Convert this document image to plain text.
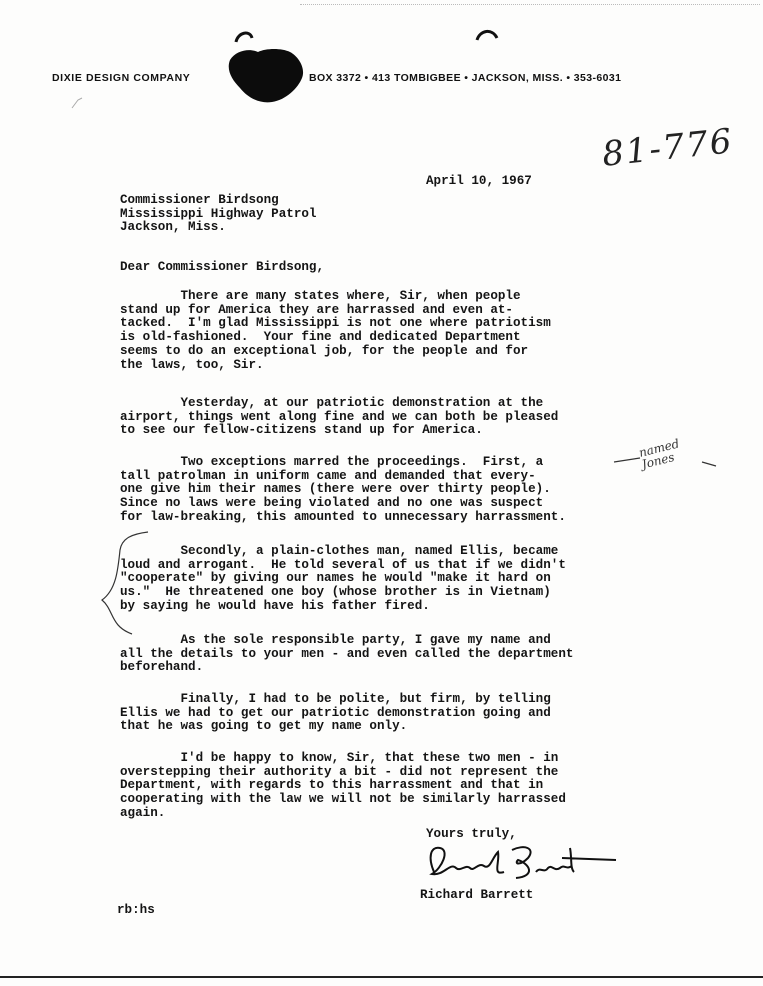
DIXIE DESIGN COMPANY	BOX 3372 • 413 TOMBIGBEE • JACKSON, MISS. • 353-6031
81-776
April 10, 1967
Commissioner Birdsong
Mississippi Highway Patrol
Jackson, Miss.
Dear Commissioner Birdsong,
There are many states where, Sir, when people
stand up for America they are harrassed and even at-
tacked.  I'm glad Mississippi is not one where patriotism
is old-fashioned.  Your fine and dedicated Department
seems to do an exceptional job, for the people and for
the laws, too, Sir.
Yesterday, at our patriotic demonstration at the
airport, things went along fine and we can both be pleased
to see our fellow-citizens stand up for America.
Two exceptions marred the proceedings.  First, a
tall patrolman in uniform came and demanded that every-
one give him their names (there were over thirty people).
Since no laws were being violated and no one was suspect
for law-breaking, this amounted to unnecessary harrassment.
Secondly, a plain-clothes man, named Ellis, became
loud and arrogant.  He told several of us that if we didn't
"cooperate" by giving our names he would "make it hard on
us."  He threatened one boy (whose brother is in Vietnam)
by saying he would have his father fired.
As the sole responsible party, I gave my name and
all the details to your men - and even called the department
beforehand.
Finally, I had to be polite, but firm, by telling
Ellis we had to get our patriotic demonstration going and
that he was going to get my name only.
I'd be happy to know, Sir, that these two men - in
overstepping their authority a bit - did not represent the
Department, with regards to this harrassment and that in
cooperating with the law we will not be similarly harrassed
again.
named
Jones
Yours truly,
Richard Barrett
rb:hs
